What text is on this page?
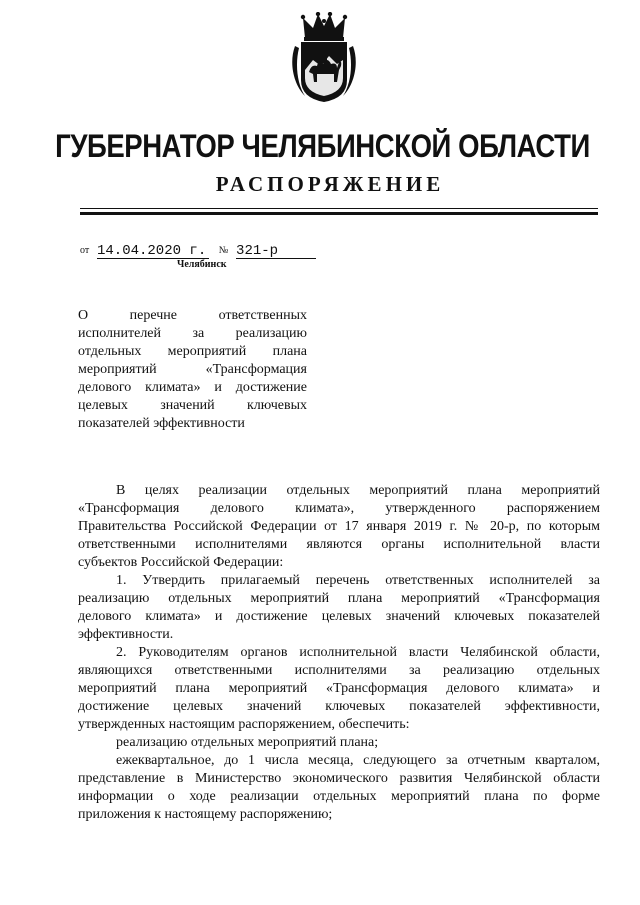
ГУБЕРНАТОР ЧЕЛЯБИНСКОЙ ОБЛАСТИ
РАСПОРЯЖЕНИЕ
от 14.04.2020 г. № 321-р
Челябинск
О перечне ответственных
исполнителей за реализацию
отдельных мероприятий плана
мероприятий «Трансформация
делового климата» и достижение
целевых значений ключевых
показателей эффективности
В целях реализации отдельных мероприятий плана мероприятий
«Трансформация делового климата», утвержденного распоряжением
Правительства Российской Федерации от 17 января 2019 г. № 20-р, по которым
ответственными исполнителями являются органы исполнительной власти
субъектов Российской Федерации:
1. Утвердить прилагаемый перечень ответственных исполнителей за
реализацию отдельных мероприятий плана мероприятий «Трансформация
делового климата» и достижение целевых значений ключевых показателей
эффективности.
2. Руководителям органов исполнительной власти Челябинской области,
являющихся ответственными исполнителями за реализацию отдельных
мероприятий плана мероприятий «Трансформация делового климата» и
достижение целевых значений ключевых показателей эффективности,
утвержденных настоящим распоряжением, обеспечить:
реализацию отдельных мероприятий плана;
ежеквартальное, до 1 числа месяца, следующего за отчетным кварталом,
представление в Министерство экономического развития Челябинской области
информации о ходе реализации отдельных мероприятий плана по форме
приложения к настоящему распоряжению;
